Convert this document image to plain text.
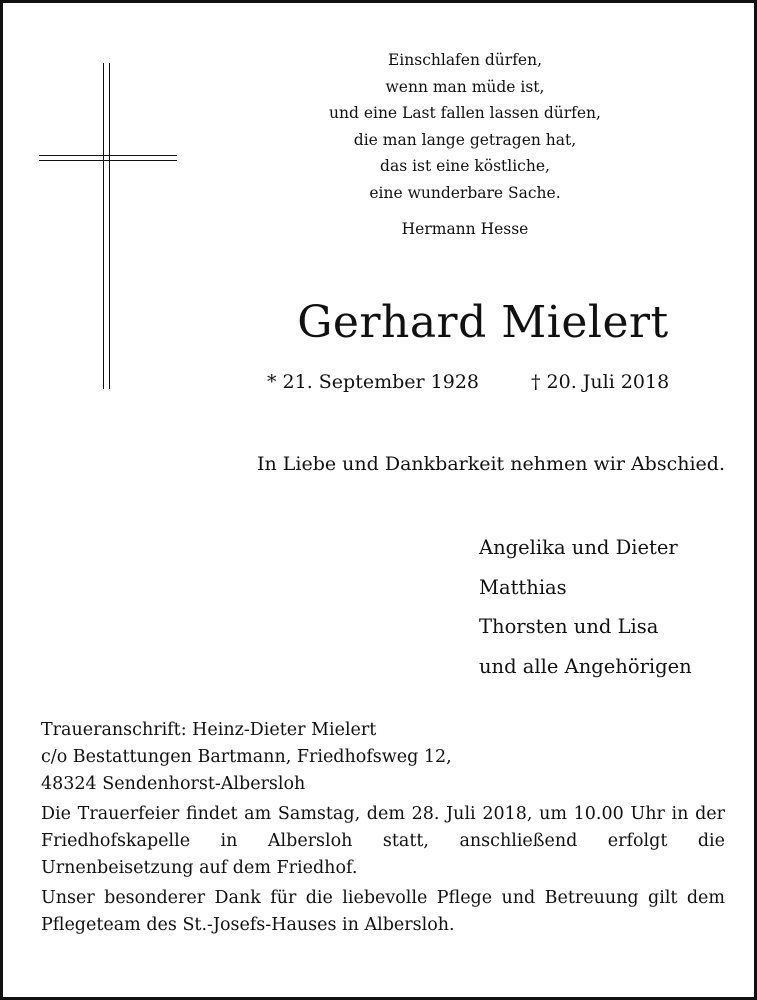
Einschlafen dürfen,
wenn man müde ist,
und eine Last fallen lassen dürfen,
die man lange getragen hat,
das ist eine köstliche,
eine wunderbare Sache.
Hermann Hesse
Gerhard Mielert
* 21. September 1928	† 20. Juli 2018
In Liebe und Dankbarkeit nehmen wir Abschied.
Angelika und Dieter
Matthias
Thorsten und Lisa
und alle Angehörigen
Traueranschrift: Heinz-Dieter Mielert
c/o Bestattungen Bartmann, Friedhofsweg 12,
48324 Sendenhorst-Albersloh

Die Trauerfeier findet am Samstag, dem 28. Juli 2018, um 10.00 Uhr in der Friedhofskapelle in Albersloh statt, anschließend erfolgt die Urnenbeisetzung auf dem Friedhof.

Unser besonderer Dank für die liebevolle Pflege und Betreuung gilt dem Pflegeteam des St.-Josefs-Hauses in Albersloh.
